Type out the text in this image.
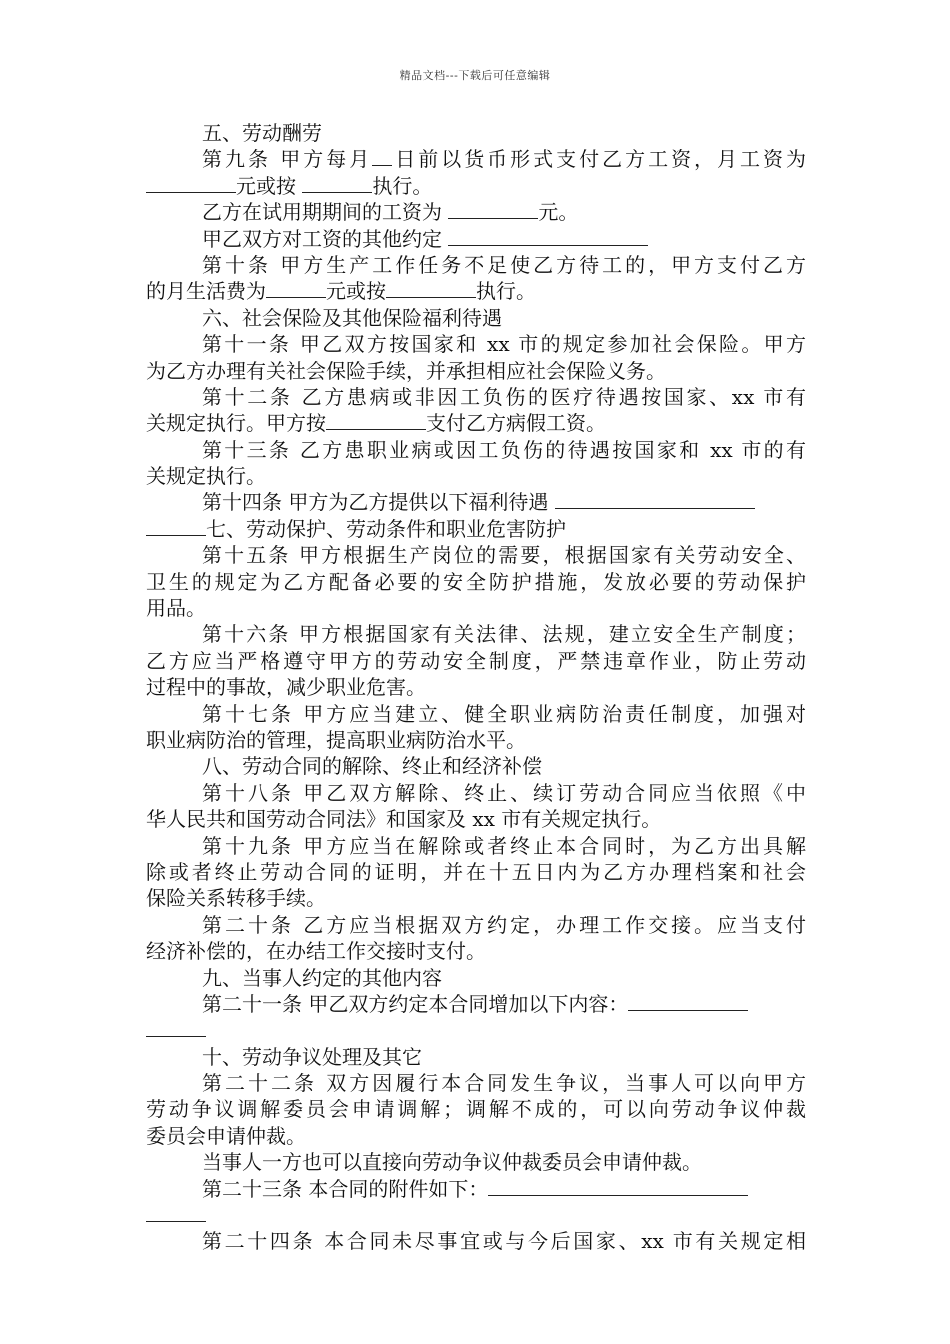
精品文档---下载后可任意编辑
五、劳动酬劳
第九条 甲方每月 日前以货币形式支付乙方工资，月工资为
元或按	执行。
乙方在试用期期间的工资为	元。
甲乙双方对工资的其他约定
第十条 甲方生产工作任务不足使乙方待工的，甲方支付乙方
的月生活费为	元或按	执行。
六、社会保险及其他保险福利待遇
第十一条 甲乙双方按国家和 xx 市的规定参加社会保险。甲方
为乙方办理有关社会保险手续，并承担相应社会保险义务。
第十二条 乙方患病或非因工负伤的医疗待遇按国家、xx 市有
关规定执行。甲方按	支付乙方病假工资。
第十三条 乙方患职业病或因工负伤的待遇按国家和 xx 市的有
关规定执行。
第十四条 甲方为乙方提供以下福利待遇
七、劳动保护、劳动条件和职业危害防护
第十五条 甲方根据生产岗位的需要，根据国家有关劳动安全、
卫生的规定为乙方配备必要的安全防护措施，发放必要的劳动保护
用品。
第十六条 甲方根据国家有关法律、法规，建立安全生产制度；
乙方应当严格遵守甲方的劳动安全制度，严禁违章作业，防止劳动
过程中的事故，减少职业危害。
第十七条 甲方应当建立、健全职业病防治责任制度，加强对
职业病防治的管理，提高职业病防治水平。
八、劳动合同的解除、终止和经济补偿
第十八条 甲乙双方解除、终止、续订劳动合同应当依照《中
华人民共和国劳动合同法》和国家及 xx 市有关规定执行。
第十九条 甲方应当在解除或者终止本合同时，为乙方出具解
除或者终止劳动合同的证明，并在十五日内为乙方办理档案和社会
保险关系转移手续。
第二十条 乙方应当根据双方约定，办理工作交接。应当支付
经济补偿的，在办结工作交接时支付。
九、当事人约定的其他内容
第二十一条 甲乙双方约定本合同增加以下内容：
十、劳动争议处理及其它
第二十二条 双方因履行本合同发生争议，当事人可以向甲方
劳动争议调解委员会申请调解；调解不成的，可以向劳动争议仲裁
委员会申请仲裁。
当事人一方也可以直接向劳动争议仲裁委员会申请仲裁。
第二十三条 本合同的附件如下：
第二十四条 本合同未尽事宜或与今后国家、xx 市有关规定相
